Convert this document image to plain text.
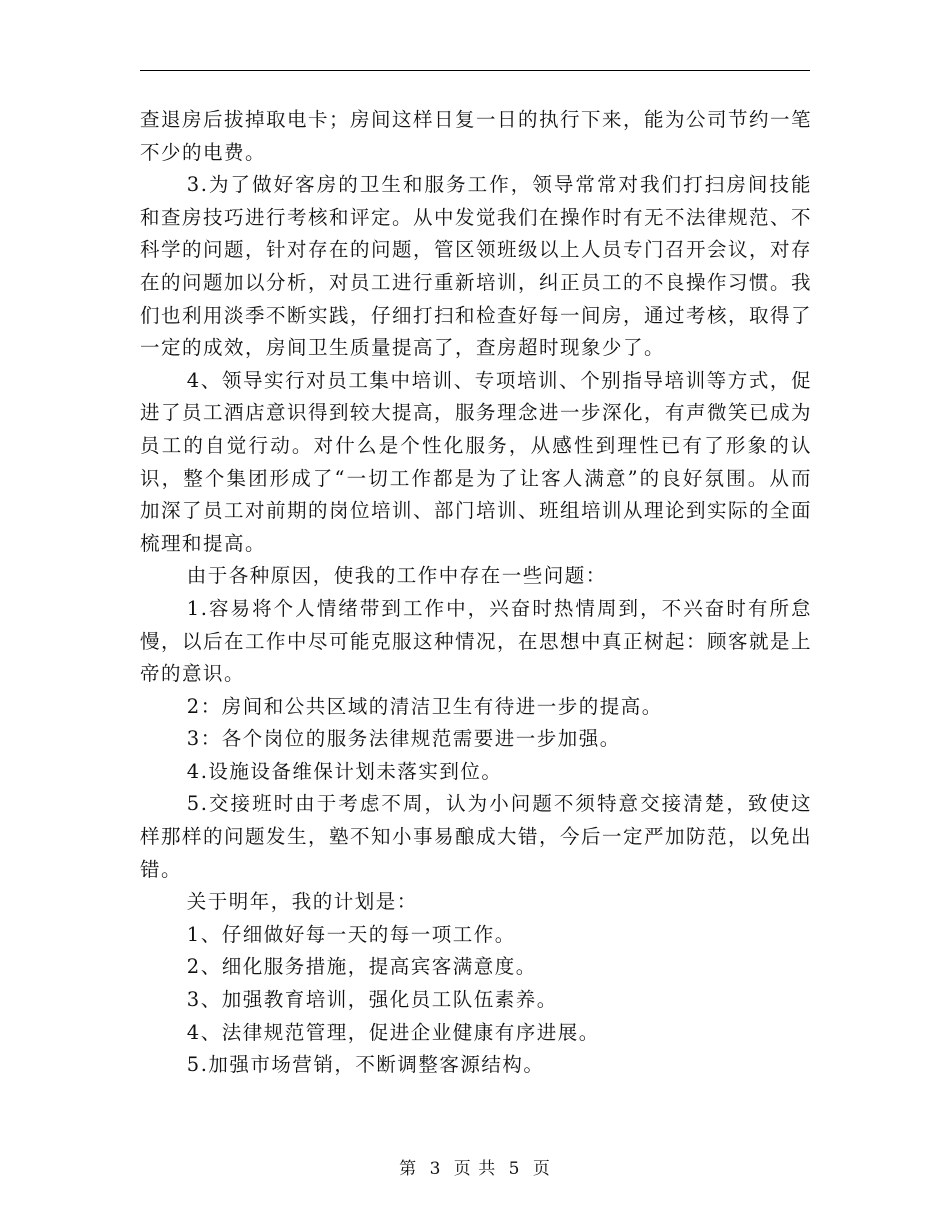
查退房后拔掉取电卡；房间这样日复一日的执行下来，能为公司节约一笔不少的电费。

3.为了做好客房的卫生和服务工作，领导常常对我们打扫房间技能和查房技巧进行考核和评定。从中发觉我们在操作时有无不法律规范、不科学的问题，针对存在的问题，管区领班级以上人员专门召开会议，对存在的问题加以分析，对员工进行重新培训，纠正员工的不良操作习惯。我们也利用淡季不断实践，仔细打扫和检查好每一间房，通过考核，取得了一定的成效，房间卫生质量提高了，查房超时现象少了。

4、领导实行对员工集中培训、专项培训、个别指导培训等方式，促进了员工酒店意识得到较大提高，服务理念进一步深化，有声微笑已成为员工的自觉行动。对什么是个性化服务，从感性到理性已有了形象的认识，整个集团形成了“一切工作都是为了让客人满意”的良好氛围。从而加深了员工对前期的岗位培训、部门培训、班组培训从理论到实际的全面梳理和提高。

由于各种原因，使我的工作中存在一些问题：

1.容易将个人情绪带到工作中，兴奋时热情周到，不兴奋时有所怠慢，以后在工作中尽可能克服这种情况，在思想中真正树起：顾客就是上帝的意识。

2：房间和公共区域的清洁卫生有待进一步的提高。

3：各个岗位的服务法律规范需要进一步加强。

4.设施设备维保计划未落实到位。

5.交接班时由于考虑不周，认为小问题不须特意交接清楚，致使这样那样的问题发生，塾不知小事易酿成大错，今后一定严加防范，以免出错。

关于明年，我的计划是：

1、仔细做好每一天的每一项工作。

2、细化服务措施，提高宾客满意度。

3、加强教育培训，强化员工队伍素养。

4、法律规范管理，促进企业健康有序进展。

5.加强市场营销，不断调整客源结构。

第 3 页 共 5 页
